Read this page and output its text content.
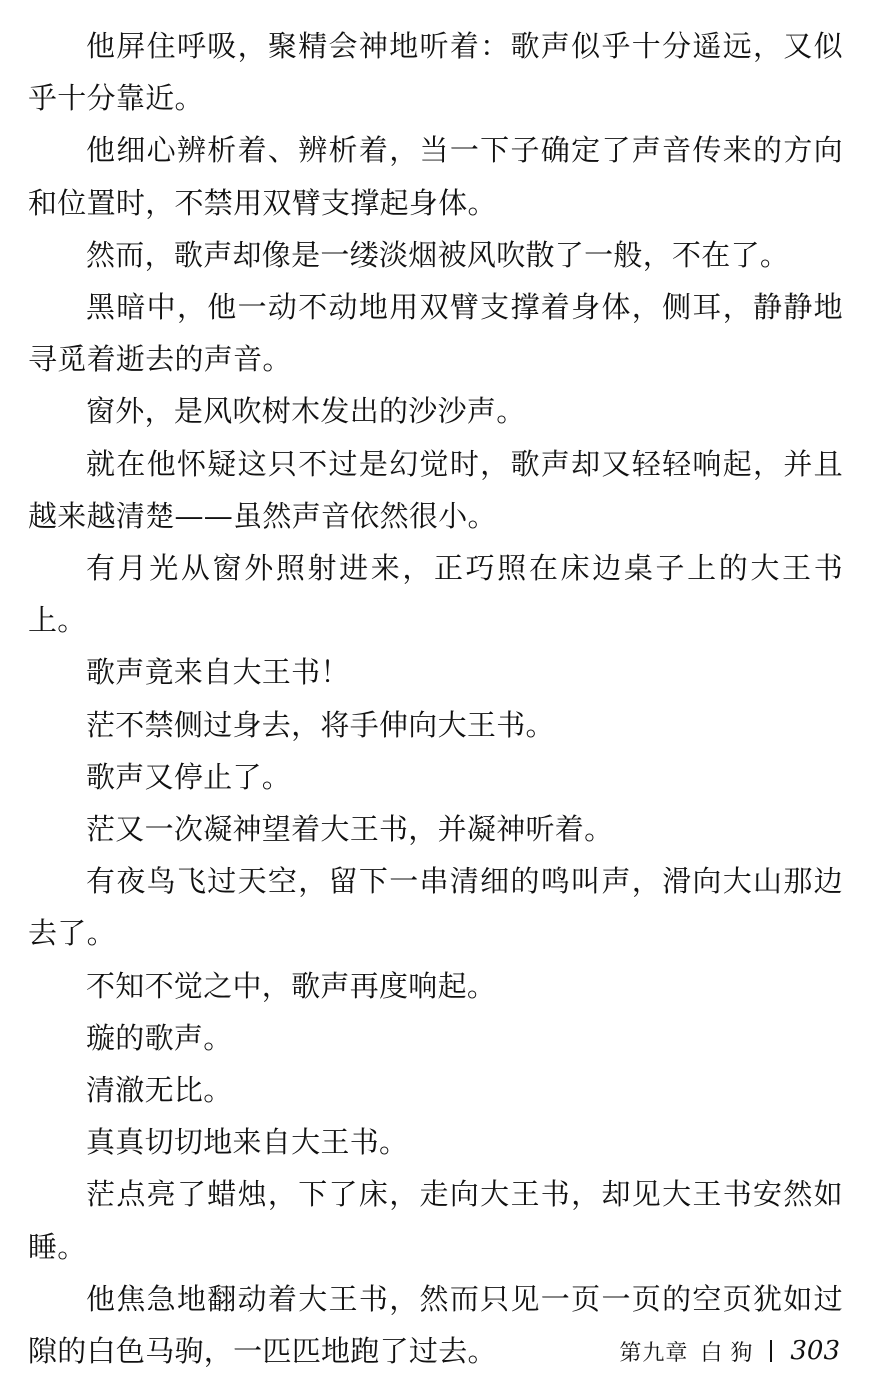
他屏住呼吸，聚精会神地听着：歌声似乎十分遥远，又似乎十分靠近。

他细心辨析着、辨析着，当一下子确定了声音传来的方向和位置时，不禁用双臂支撑起身体。

然而，歌声却像是一缕淡烟被风吹散了一般，不在了。

黑暗中，他一动不动地用双臂支撑着身体，侧耳，静静地寻觅着逝去的声音。

窗外，是风吹树木发出的沙沙声。

就在他怀疑这只不过是幻觉时，歌声却又轻轻响起，并且越来越清楚——虽然声音依然很小。

有月光从窗外照射进来，正巧照在床边桌子上的大王书上。

歌声竟来自大王书！

茫不禁侧过身去，将手伸向大王书。

歌声又停止了。

茫又一次凝神望着大王书，并凝神听着。

有夜鸟飞过天空，留下一串清细的鸣叫声，滑向大山那边去了。

不知不觉之中，歌声再度响起。

璇的歌声。

清澈无比。

真真切切地来自大王书。

茫点亮了蜡烛，下了床，走向大王书，却见大王书安然如睡。

他焦急地翻动着大王书，然而只见一页一页的空页犹如过隙的白色马驹，一匹匹地跑了过去。	第九章 白狗 303
